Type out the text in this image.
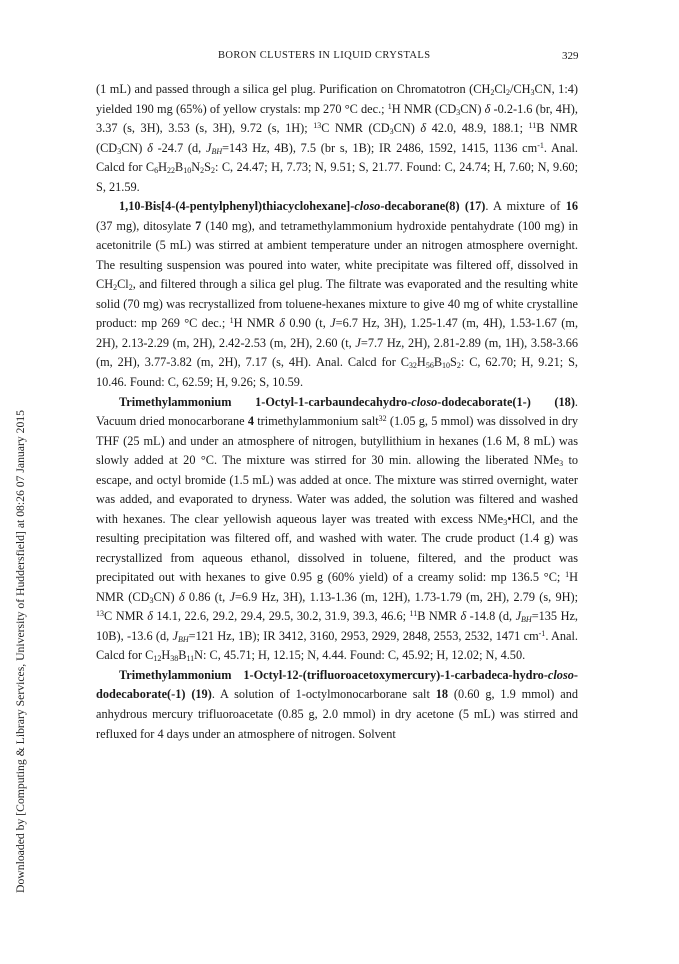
BORON CLUSTERS IN LIQUID CRYSTALS	329
Downloaded by [Computing & Library Services, University of Huddersfield] at 08:26 07 January 2015

(1 mL) and passed through a silica gel plug. Purification on Chromatotron ($CH_2Cl_2/CH_3CN$, 1:4) yielded 190 mg (65%) of yellow crystals: mp 270 °C dec.; $^1$H NMR $(CD_3CN)$ δ -0.2-1.6 (br, 4H), 3.37 (s, 3H), 3.53 (s, 3H), 9.72 (s, 1H); $^{13}$C NMR $(CD_3CN)$ δ 42.0, 48.9, 188.1; $^{11}$B NMR $(CD_3CN)$ δ -24.7 (d, $J_{BH}=143$ Hz, 4B), 7.5 (br s, 1B); IR 2486, 1592, 1415, 1136 $cm^{-1}$. Anal. Calcd for $C_6H_{22}B_{10}N_2S_2$: C, 24.47; H, 7.73; N, 9.51; S, 21.77. Found: C, 24.74; H, 7.60; N, 9.60; S, 21.59.

1,10-Bis[4-(4-pentylphenyl)thiacyclohexane]-closo-decaborane(8) (17). A mixture of 16 (37 mg), ditosylate 7 (140 mg), and tetramethylammonium hydroxide pentahydrate (100 mg) in acetonitrile (5 mL) was stirred at ambient temperature under an nitrogen atmosphere overnight. The resulting suspension was poured into water, white precipitate was filtered off, dissolved in $CH_2Cl_2$, and filtered through a silica gel plug. The filtrate was evaporated and the resulting white solid (70 mg) was recrystallized from toluene-hexanes mixture to give 40 mg of white crystalline product: mp 269 °C dec.; $^1$H NMR δ 0.90 (t, J=6.7 Hz, 3H), 1.25-1.47 (m, 4H), 1.53-1.67 (m, 2H), 2.13-2.29 (m, 2H), 2.42-2.53 (m, 2H), 2.60 (t, J=7.7 Hz, 2H), 2.81-2.89 (m, 1H), 3.58-3.66 (m, 2H), 3.77-3.82 (m, 2H), 7.17 (s, 4H). Anal. Calcd for $C_{32}H_{56}B_{10}S_2$: C, 62.70; H, 9.21; S, 10.46. Found: C, 62.59; H, 9.26; S, 10.59.

Trimethylammonium 1-Octyl-1-carbaundecahydro-closo-dodecaborate(1-) (18). Vacuum dried monocarborane 4 trimethylammonium salt$^{32}$ (1.05 g, 5 mmol) was dissolved in dry THF (25 mL) and under an atmosphere of nitrogen, butyllithium in hexanes (1.6 M, 8 mL) was slowly added at 20 °C. The mixture was stirred for 30 min. allowing the liberated NMe$_3$ to escape, and octyl bromide (1.5 mL) was added at once. The mixture was stirred overnight, water was added, and evaporated to dryness. Water was added, the solution was filtered and washed with hexanes. The clear yellowish aqueous layer was treated with excess NMe$_3$•HCl, and the resulting precipitation was filtered off, and washed with water. The crude product (1.4 g) was recrystallized from aqueous ethanol, dissolved in toluene, filtered, and the product was precipitated out with hexanes to give 0.95 g (60% yield) of a creamy solid: mp 136.5 °C; $^1$H NMR $(CD_3CN)$ δ 0.86 (t, J=6.9 Hz, 3H), 1.13-1.36 (m, 12H), 1.73-1.79 (m, 2H), 2.79 (s, 9H); $^{13}$C NMR δ 14.1, 22.6, 29.2, 29.4, 29.5, 30.2, 31.9, 39.3, 46.6; $^{11}$B NMR δ -14.8 (d, $J_{BH}=135$ Hz, 10B), -13.6 (d, $J_{BH}=121$ Hz, 1B); IR 3412, 3160, 2953, 2929, 2848, 2553, 2532, 1471 $cm^{-1}$. Anal. Calcd for $C_{12}H_{38}B_{11}N$: C, 45.71; H, 12.15; N, 4.44. Found: C, 45.92; H, 12.02; N, 4.50.

Trimethylammonium 1-Octyl-12-(trifluoroacetoxymercury)-1-carbadeca-hydro-closo-dodecaborate(-1) (19). A solution of 1-octylmonocarborane salt 18 (0.60 g, 1.9 mmol) and anhydrous mercury trifluoroacetate (0.85 g, 2.0 mmol) in dry acetone (5 mL) was stirred and refluxed for 4 days under an atmosphere of nitrogen. Solvent
